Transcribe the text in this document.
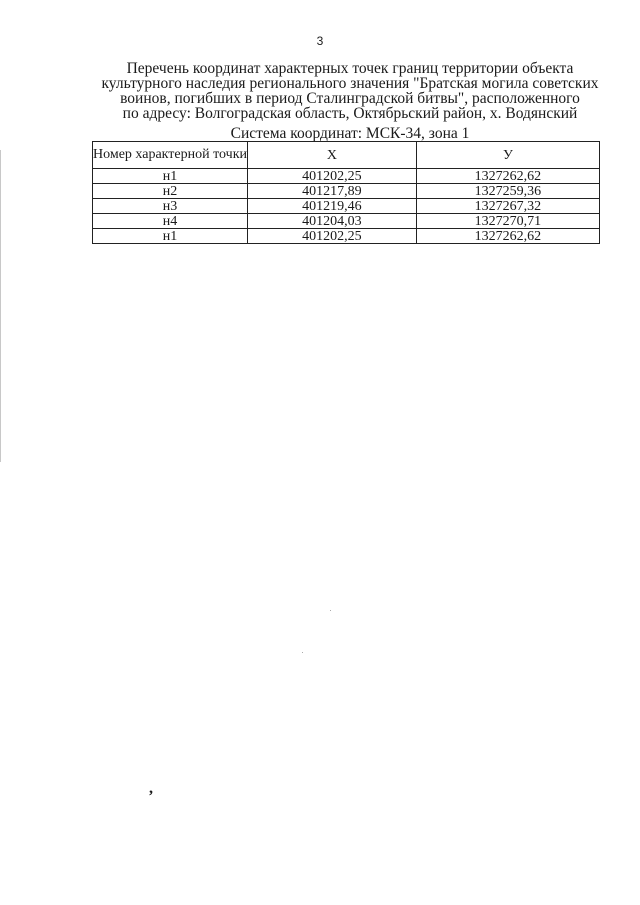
3
Перечень координат характерных точек границ территории объекта
культурного наследия регионального значения "Братская могила советских
воинов, погибших в период Сталинградской битвы", расположенного
по адресу: Волгоградская область, Октябрьский район, х. Водянский
Система координат: МСК-34, зона 1
Номер характерной точки	X	У
н1	401202,25	1327262,62
н2	401217,89	1327259,36
н3	401219,46	1327267,32
н4	401204,03	1327270,71
н1	401202,25	1327262,62
,
